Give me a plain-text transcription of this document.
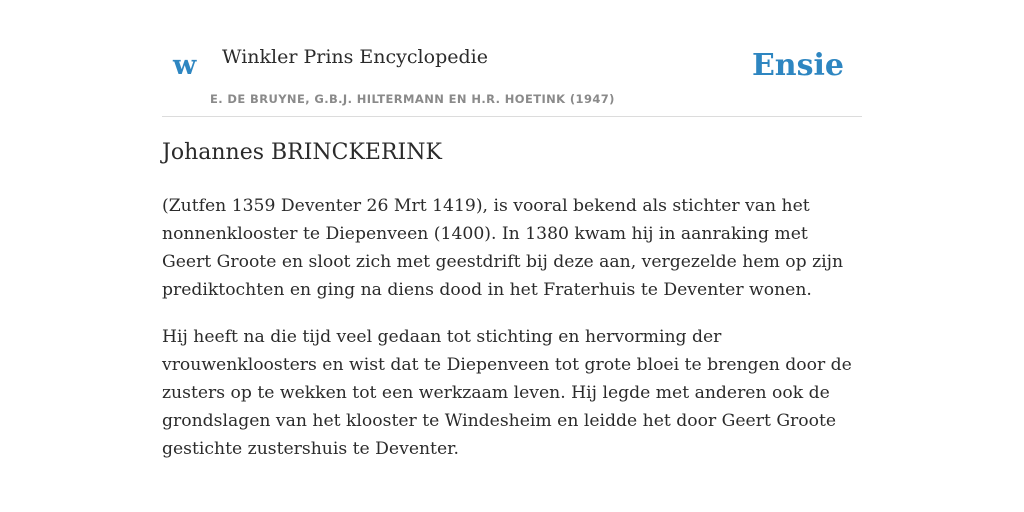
w Winkler Prins Encyclopedie
E. DE BRUYNE, G.B.J. HILTERMANN EN H.R. HOETINK (1947)
Ensie
Johannes BRINCKERINK

(Zutfen 1359 Deventer 26 Mrt 1419), is vooral bekend als stichter van het nonnenklooster te Diepenveen (1400). In 1380 kwam hij in aanraking met Geert Groote en sloot zich met geestdrift bij deze aan, vergezelde hem op zijn prediktochten en ging na diens dood in het Fraterhuis te Deventer wonen.

Hij heeft na die tijd veel gedaan tot stichting en hervorming der vrouwenkloosters en wist dat te Diepenveen tot grote bloei te brengen door de zusters op te wekken tot een werkzaam leven. Hij legde met anderen ook de grondslagen van het klooster te Windesheim en leidde het door Geert Groote gestichte zustershuis te Deventer.
